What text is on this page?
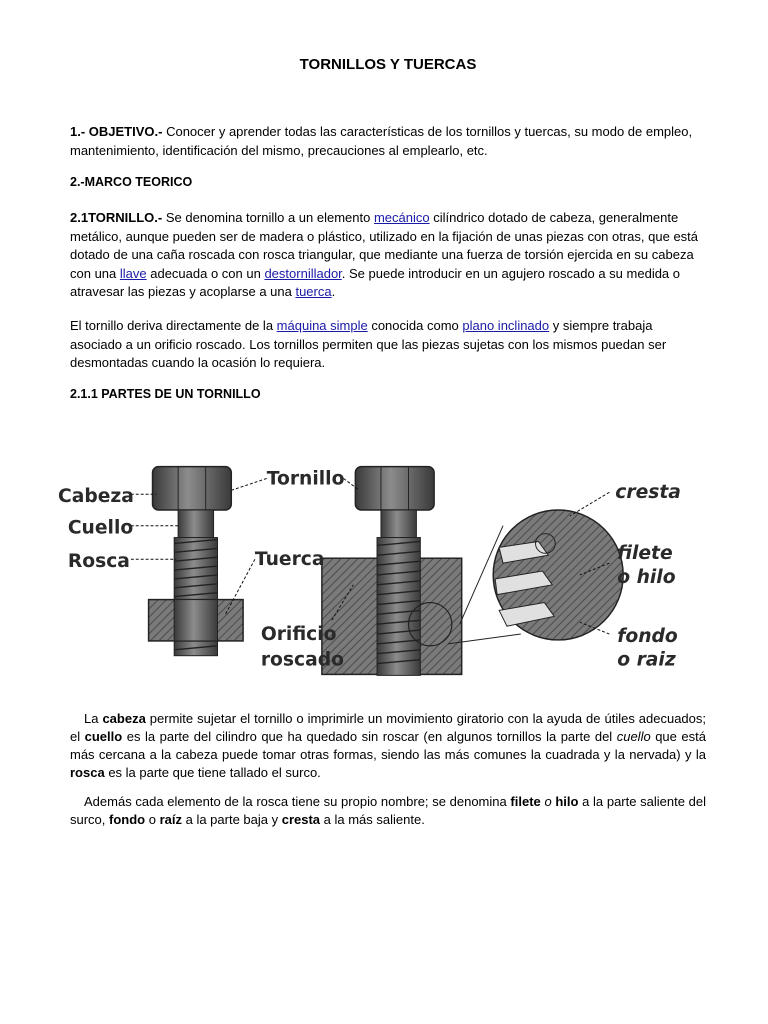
TORNILLOS Y TUERCAS
1.- OBJETIVO.- Conocer y aprender todas las características de los tornillos y tuercas, su modo de empleo, mantenimiento, identificación del mismo, precauciones al emplearlo, etc.
2.-MARCO TEORICO
2.1TORNILLO.- Se denomina tornillo a un elemento mecánico cilíndrico dotado de cabeza, generalmente metálico, aunque pueden ser de madera o plástico, utilizado en la fijación de unas piezas con otras, que está dotado de una caña roscada con rosca triangular, que mediante una fuerza de torsión ejercida en su cabeza con una llave adecuada o con un destornillador. Se puede introducir en un agujero roscado a su medida o atravesar las piezas y acoplarse a una tuerca.
El tornillo deriva directamente de la máquina simple conocida como plano inclinado y siempre trabaja asociado a un orificio roscado. Los tornillos permiten que las piezas sujetas con los mismos puedan ser desmontadas cuando la ocasión lo requiera.
2.1.1 PARTES DE UN TORNILLO
La cabeza permite sujetar el tornillo o imprimirle un movimiento giratorio con la ayuda de útiles adecuados; el cuello es la parte del cilindro que ha quedado sin roscar (en algunos tornillos la parte del cuello que está más cercana a la cabeza puede tomar otras formas, siendo las más comunes la cuadrada y la nervada) y la rosca es la parte que tiene tallado el surco.
Además cada elemento de la rosca tiene su propio nombre; se denomina filete o hilo a la parte saliente del surco, fondo o raíz a la parte baja y cresta a la más saliente.
Cabeza
Cuello
Rosca
Tornillo
Tuerca
Orificio
roscado
cresta
filete
o hilo
fondo
o raiz
